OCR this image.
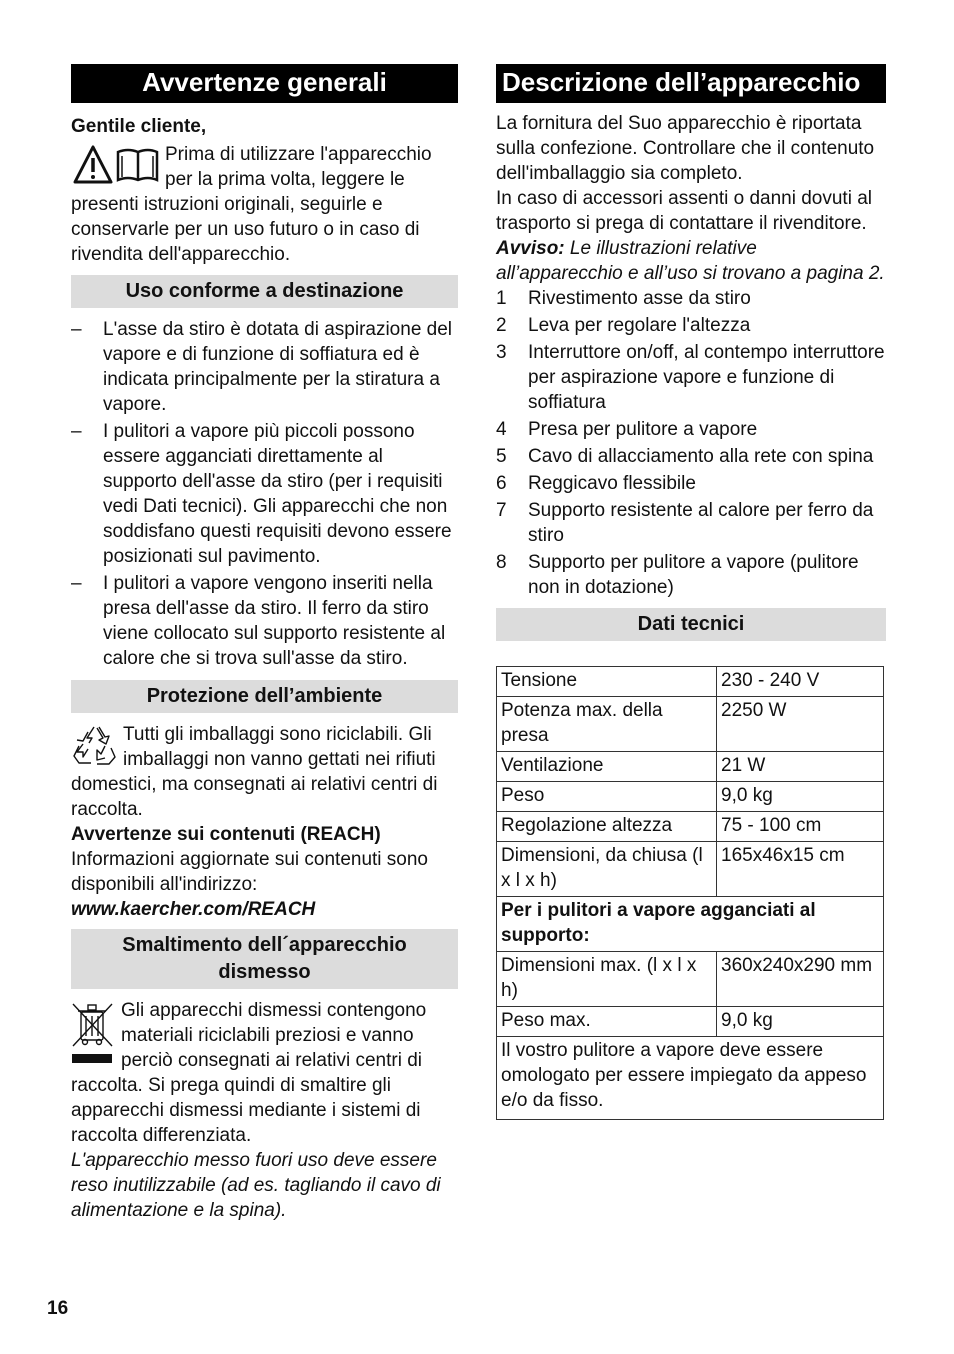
Avvertenze generali

Gentile cliente,

Prima di utilizzare l'apparecchio per la prima volta, leggere le

presenti istruzioni originali, seguirle e conservarle per un uso futuro o in caso di rivendita dell'apparecchio.

Uso conforme a destinazione
– L'asse da stiro è dotata di aspirazione del vapore e di funzione di soffiatura ed è indicata principalmente per la stiratura a vapore.
– I pulitori a vapore più piccoli possono essere agganciati direttamente al supporto dell'asse da stiro (per i requisiti vedi Dati tecnici). Gli apparecchi che non soddisfano questi requisiti devono essere posizionati sul pavimento.
– I pulitori a vapore vengono inseriti nella presa dell'asse da stiro. Il ferro da stiro viene collocato sul supporto resistente al calore che si trova sull'asse da stiro.
Protezione dell’ambiente

Tutti gli imballaggi sono riciclabili. Gli imballaggi non vanno gettati nei rifiuti domestici, ma consegnati ai relativi centri di raccolta.

Avvertenze sui contenuti (REACH)

Informazioni aggiornate sui contenuti sono disponibili all'indirizzo:

www.kaercher.com/REACH

Smaltimento dell´apparecchio dismesso

Gli apparecchi dismessi contengono materiali riciclabili preziosi e vanno perciò consegnati ai relativi centri di raccolta. Si prega quindi di smaltire gli apparecchi dismessi mediante i sistemi di raccolta differenziata.

L'apparecchio messo fuori uso deve essere reso inutilizzabile (ad es. tagliando il cavo di alimentazione e la spina).

Descrizione dell’apparecchio

La fornitura del Suo apparecchio è riportata sulla confezione. Controllare che il contenuto dell'imballaggio sia completo.

In caso di accessori assenti o danni dovuti al trasporto si prega di contattare il rivenditore.

Avviso: Le illustrazioni relative all’apparecchio e all’uso si trovano a pagina 2.

1 Rivestimento asse da stiro
2 Leva per regolare l'altezza
3 Interruttore on/off, al contempo interruttore per aspirazione vapore e funzione di soffiatura
4 Presa per pulitore a vapore
5 Cavo di allacciamento alla rete con spina
6 Reggicavo flessibile
7 Supporto resistente al calore per ferro da stiro
8 Supporto per pulitore a vapore (pulitore non in dotazione)
Dati tecnici
Tensione	230 - 240 V
Potenza max. della presa	2250 W
Ventilazione	21 W
Peso	9,0 kg
Regolazione altezza	75 - 100 cm
Dimensioni, da chiusa (l x l x h)	165x46x15 cm
Per i pulitori a vapore agganciati al supporto:	
Dimensioni max. (l x l x h)	360x240x290 mm
Peso max.	9,0 kg
Il vostro pulitore a vapore deve essere omologato per essere impiegato da appeso e/o da fisso.	
16
